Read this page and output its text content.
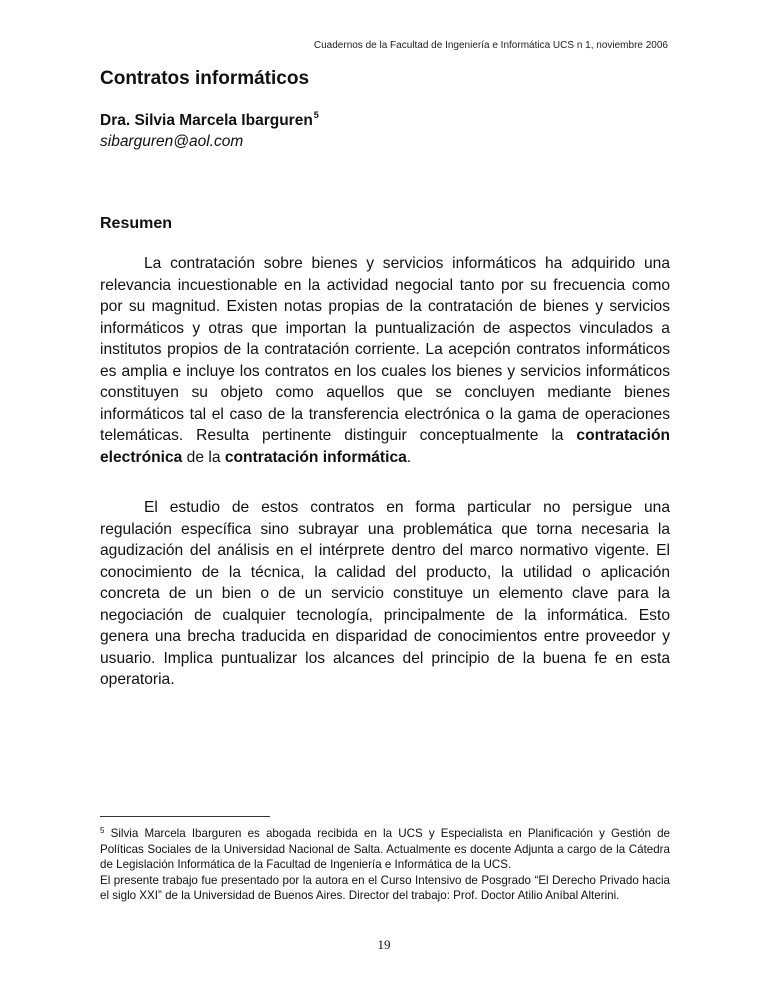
Cuadernos de la Facultad de Ingeniería e Informática UCS n 1, noviembre 2006
Contratos informáticos
Dra. Silvia Marcela Ibarguren$^5$
sibarguren@aol.com
Resumen

La contratación sobre bienes y servicios informáticos ha adquirido una relevancia incuestionable en la actividad negocial tanto por su frecuencia como por su magnitud. Existen notas propias de la contratación de bienes y servicios informáticos y otras que importan la puntualización de aspectos vinculados a institutos propios de la contratación corriente. La acepción contratos informáticos es amplia e incluye los contratos en los cuales los bienes y servicios informáticos constituyen su objeto como aquellos que se concluyen mediante bienes informáticos tal el caso de la transferencia electrónica o la gama de operaciones telemáticas. Resulta pertinente distinguir conceptualmente la contratación electrónica de la contratación informática.

El estudio de estos contratos en forma particular no persigue una regulación específica sino subrayar una problemática que torna necesaria la agudización del análisis en el intérprete dentro del marco normativo vigente. El conocimiento de la técnica, la calidad del producto, la utilidad o aplicación concreta de un bien o de un servicio constituye un elemento clave para la negociación de cualquier tecnología, principalmente de la informática. Esto genera una brecha traducida en disparidad de conocimientos entre proveedor y usuario. Implica puntualizar los alcances del principio de la buena fe en esta operatoria.

$^5$ Silvia Marcela Ibarguren es abogada recibida en la UCS y Especialista en Planificación y Gestión de Políticas Sociales de la Universidad Nacional de Salta. Actualmente es docente Adjunta a cargo de la Cátedra de Legislación Informática de la Facultad de Ingeniería e Informática de la UCS.

El presente trabajo fue presentado por la autora en el Curso Intensivo de Posgrado “El Derecho Privado hacia el siglo XXI” de la Universidad de Buenos Aires. Director del trabajo: Prof. Doctor Atilio Aníbal Alterini.

19
